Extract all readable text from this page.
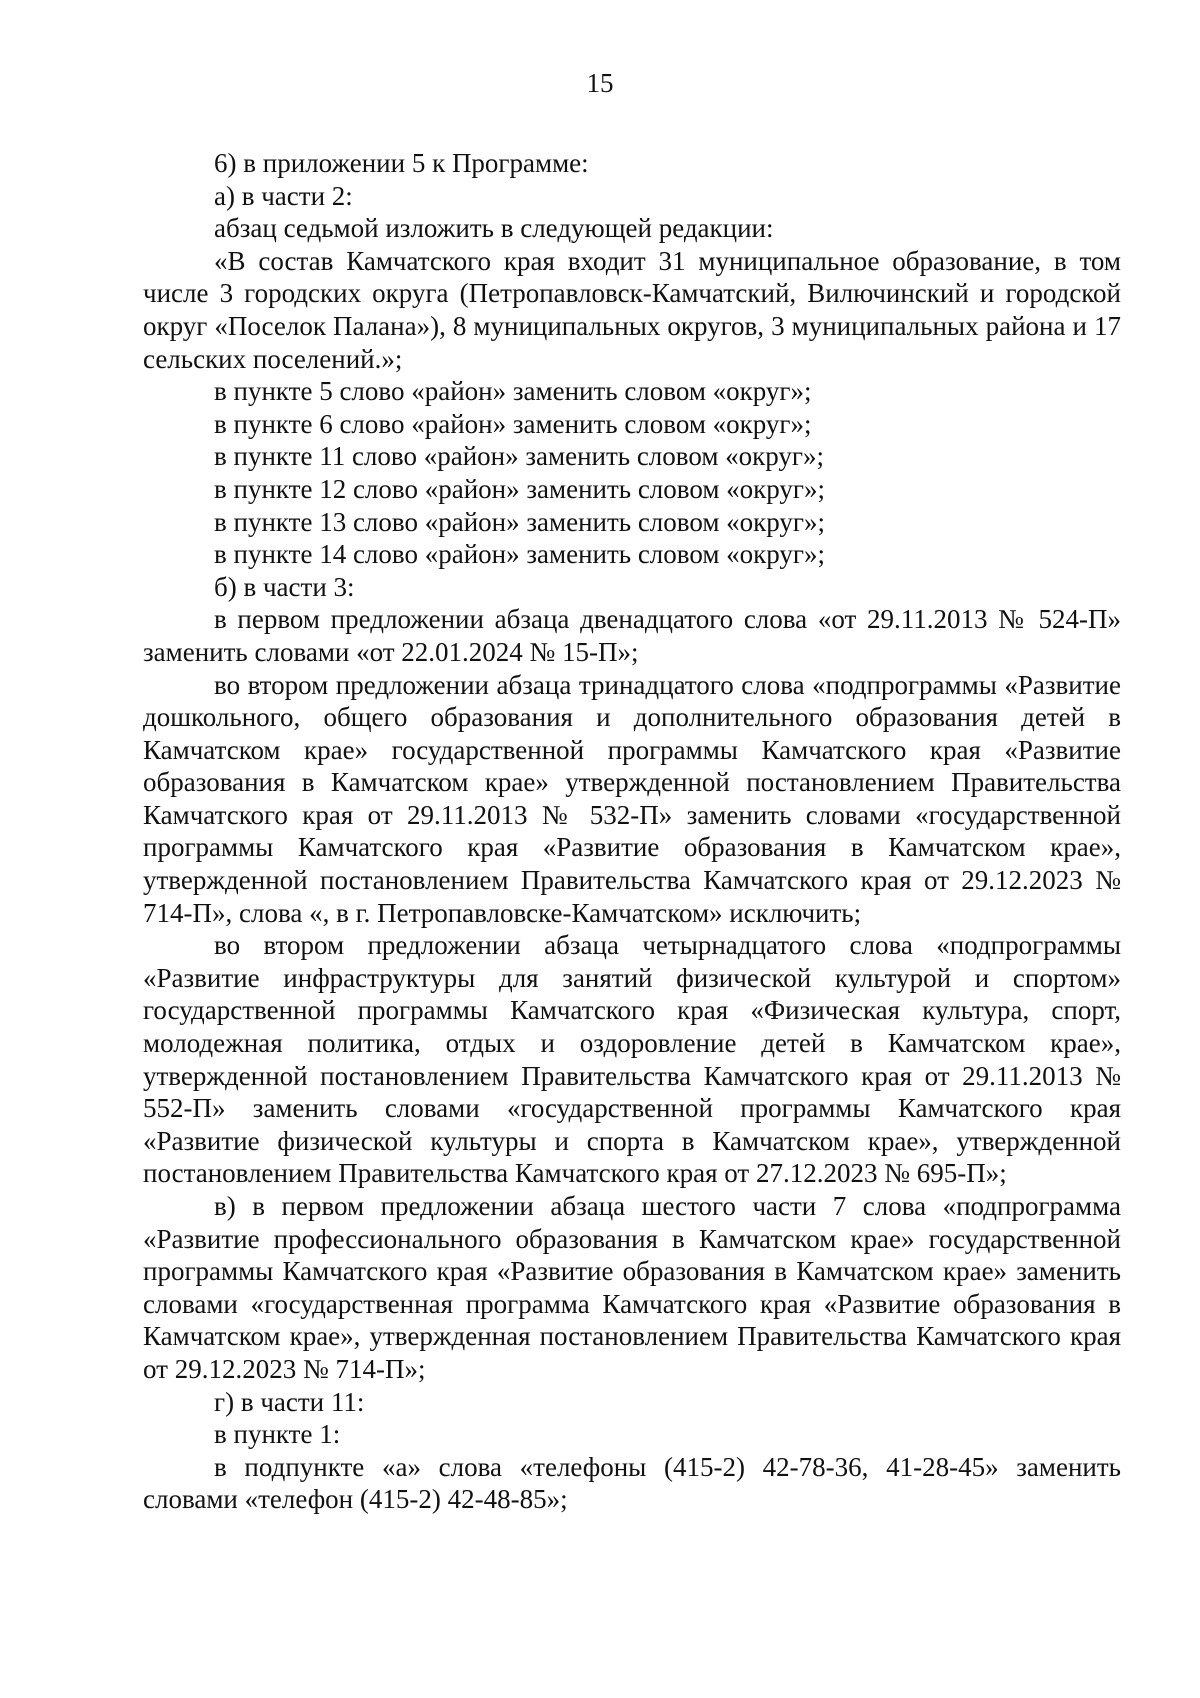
15

6) в приложении 5 к Программе:

а) в части 2:

абзац седьмой изложить в следующей редакции:

«В состав Камчатского края входит 31 муниципальное образование, в том числе 3 городских округа (Петропавловск-Камчатский, Вилючинский и городской округ «Поселок Палана»), 8 муниципальных округов, 3 муниципальных района и 17 сельских поселений.»;

в пункте 5 слово «район» заменить словом «округ»;

в пункте 6 слово «район» заменить словом «округ»;

в пункте 11 слово «район» заменить словом «округ»;

в пункте 12 слово «район» заменить словом «округ»;

в пункте 13 слово «район» заменить словом «округ»;

в пункте 14 слово «район» заменить словом «округ»;

б) в части 3:

в первом предложении абзаца двенадцатого слова «от 29.11.2013 № 524-П» заменить словами «от 22.01.2024 № 15-П»;

во втором предложении абзаца тринадцатого слова «подпрограммы «Развитие дошкольного, общего образования и дополнительного образования детей в Камчатском крае» государственной программы Камчатского края «Развитие образования в Камчатском крае» утвержденной постановлением Правительства Камчатского края от 29.11.2013 № 532-П» заменить словами «государственной программы Камчатского края «Развитие образования в Камчатском крае», утвержденной постановлением Правительства Камчатского края от 29.12.2023 № 714-П», слова «, в г. Петропавловске-Камчатском» исключить;

во втором предложении абзаца четырнадцатого слова «подпрограммы «Развитие инфраструктуры для занятий физической культурой и спортом» государственной программы Камчатского края «Физическая культура, спорт, молодежная политика, отдых и оздоровление детей в Камчатском крае», утвержденной постановлением Правительства Камчатского края от 29.11.2013 № 552-П» заменить словами «государственной программы Камчатского края «Развитие физической культуры и спорта в Камчатском крае», утвержденной постановлением Правительства Камчатского края от 27.12.2023 № 695-П»;

в) в первом предложении абзаца шестого части 7 слова «подпрограмма «Развитие профессионального образования в Камчатском крае» государственной программы Камчатского края «Развитие образования в Камчатском крае» заменить словами «государственная программа Камчатского края «Развитие образования в Камчатском крае», утвержденная постановлением Правительства Камчатского края от 29.12.2023 № 714-П»;

г) в части 11:

в пункте 1:

в подпункте «а» слова «телефоны (415-2) 42-78-36, 41-28-45» заменить словами «телефон (415-2) 42-48-85»;
